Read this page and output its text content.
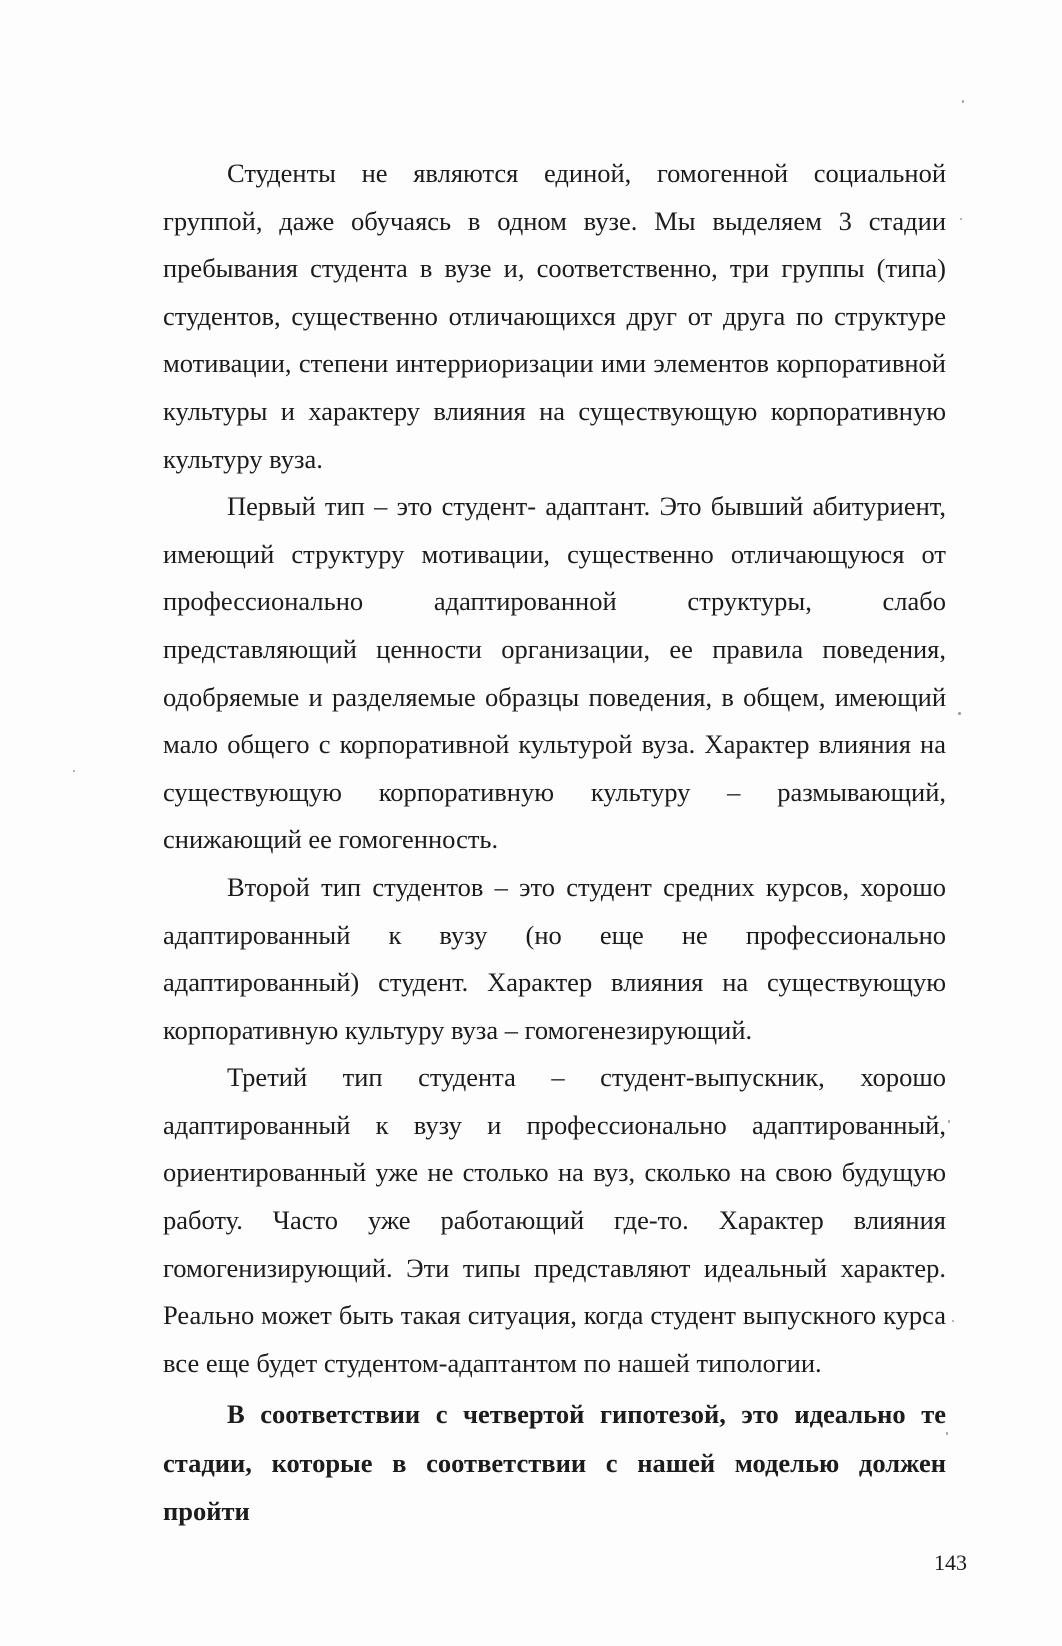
Студенты не являются единой, гомогенной социальной группой, даже обучаясь в одном вузе. Мы выделяем 3 стадии пребывания студента в вузе и, соответственно, три группы (типа) студентов, существенно отличающихся друг от друга по структуре мотивации, степени интерриоризации ими элементов корпоративной культуры и характеру влияния на существующую корпоративную культуру вуза.

Первый тип – это студент- адаптант. Это бывший абитуриент, имеющий структуру мотивации, существенно отличающуюся от профессионально адаптированной структуры, слабо представляющий ценности организации, ее правила поведения, одобряемые и разделяемые образцы поведения, в общем, имеющий мало общего с корпоративной культурой вуза. Характер влияния на существующую корпоративную культуру – размывающий, снижающий ее гомогенность.

Второй тип студентов – это студент средних курсов, хорошо адаптированный к вузу (но еще не профессионально адаптированный) студент. Характер влияния на существующую корпоративную культуру вуза – гомогенезирующий.

Третий тип студента – студент-выпускник, хорошо адаптированный к вузу и профессионально адаптированный, ориентированный уже не столько на вуз, сколько на свою будущую работу. Часто уже работающий где-то. Характер влияния гомогенизирующий. Эти типы представляют идеальный характер. Реально может быть такая ситуация, когда студент выпускного курса все еще будет студентом-адаптантом по нашей типологии.

В соответствии с четвертой гипотезой, это идеально те стадии, которые в соответствии с нашей моделью должен пройти

143
